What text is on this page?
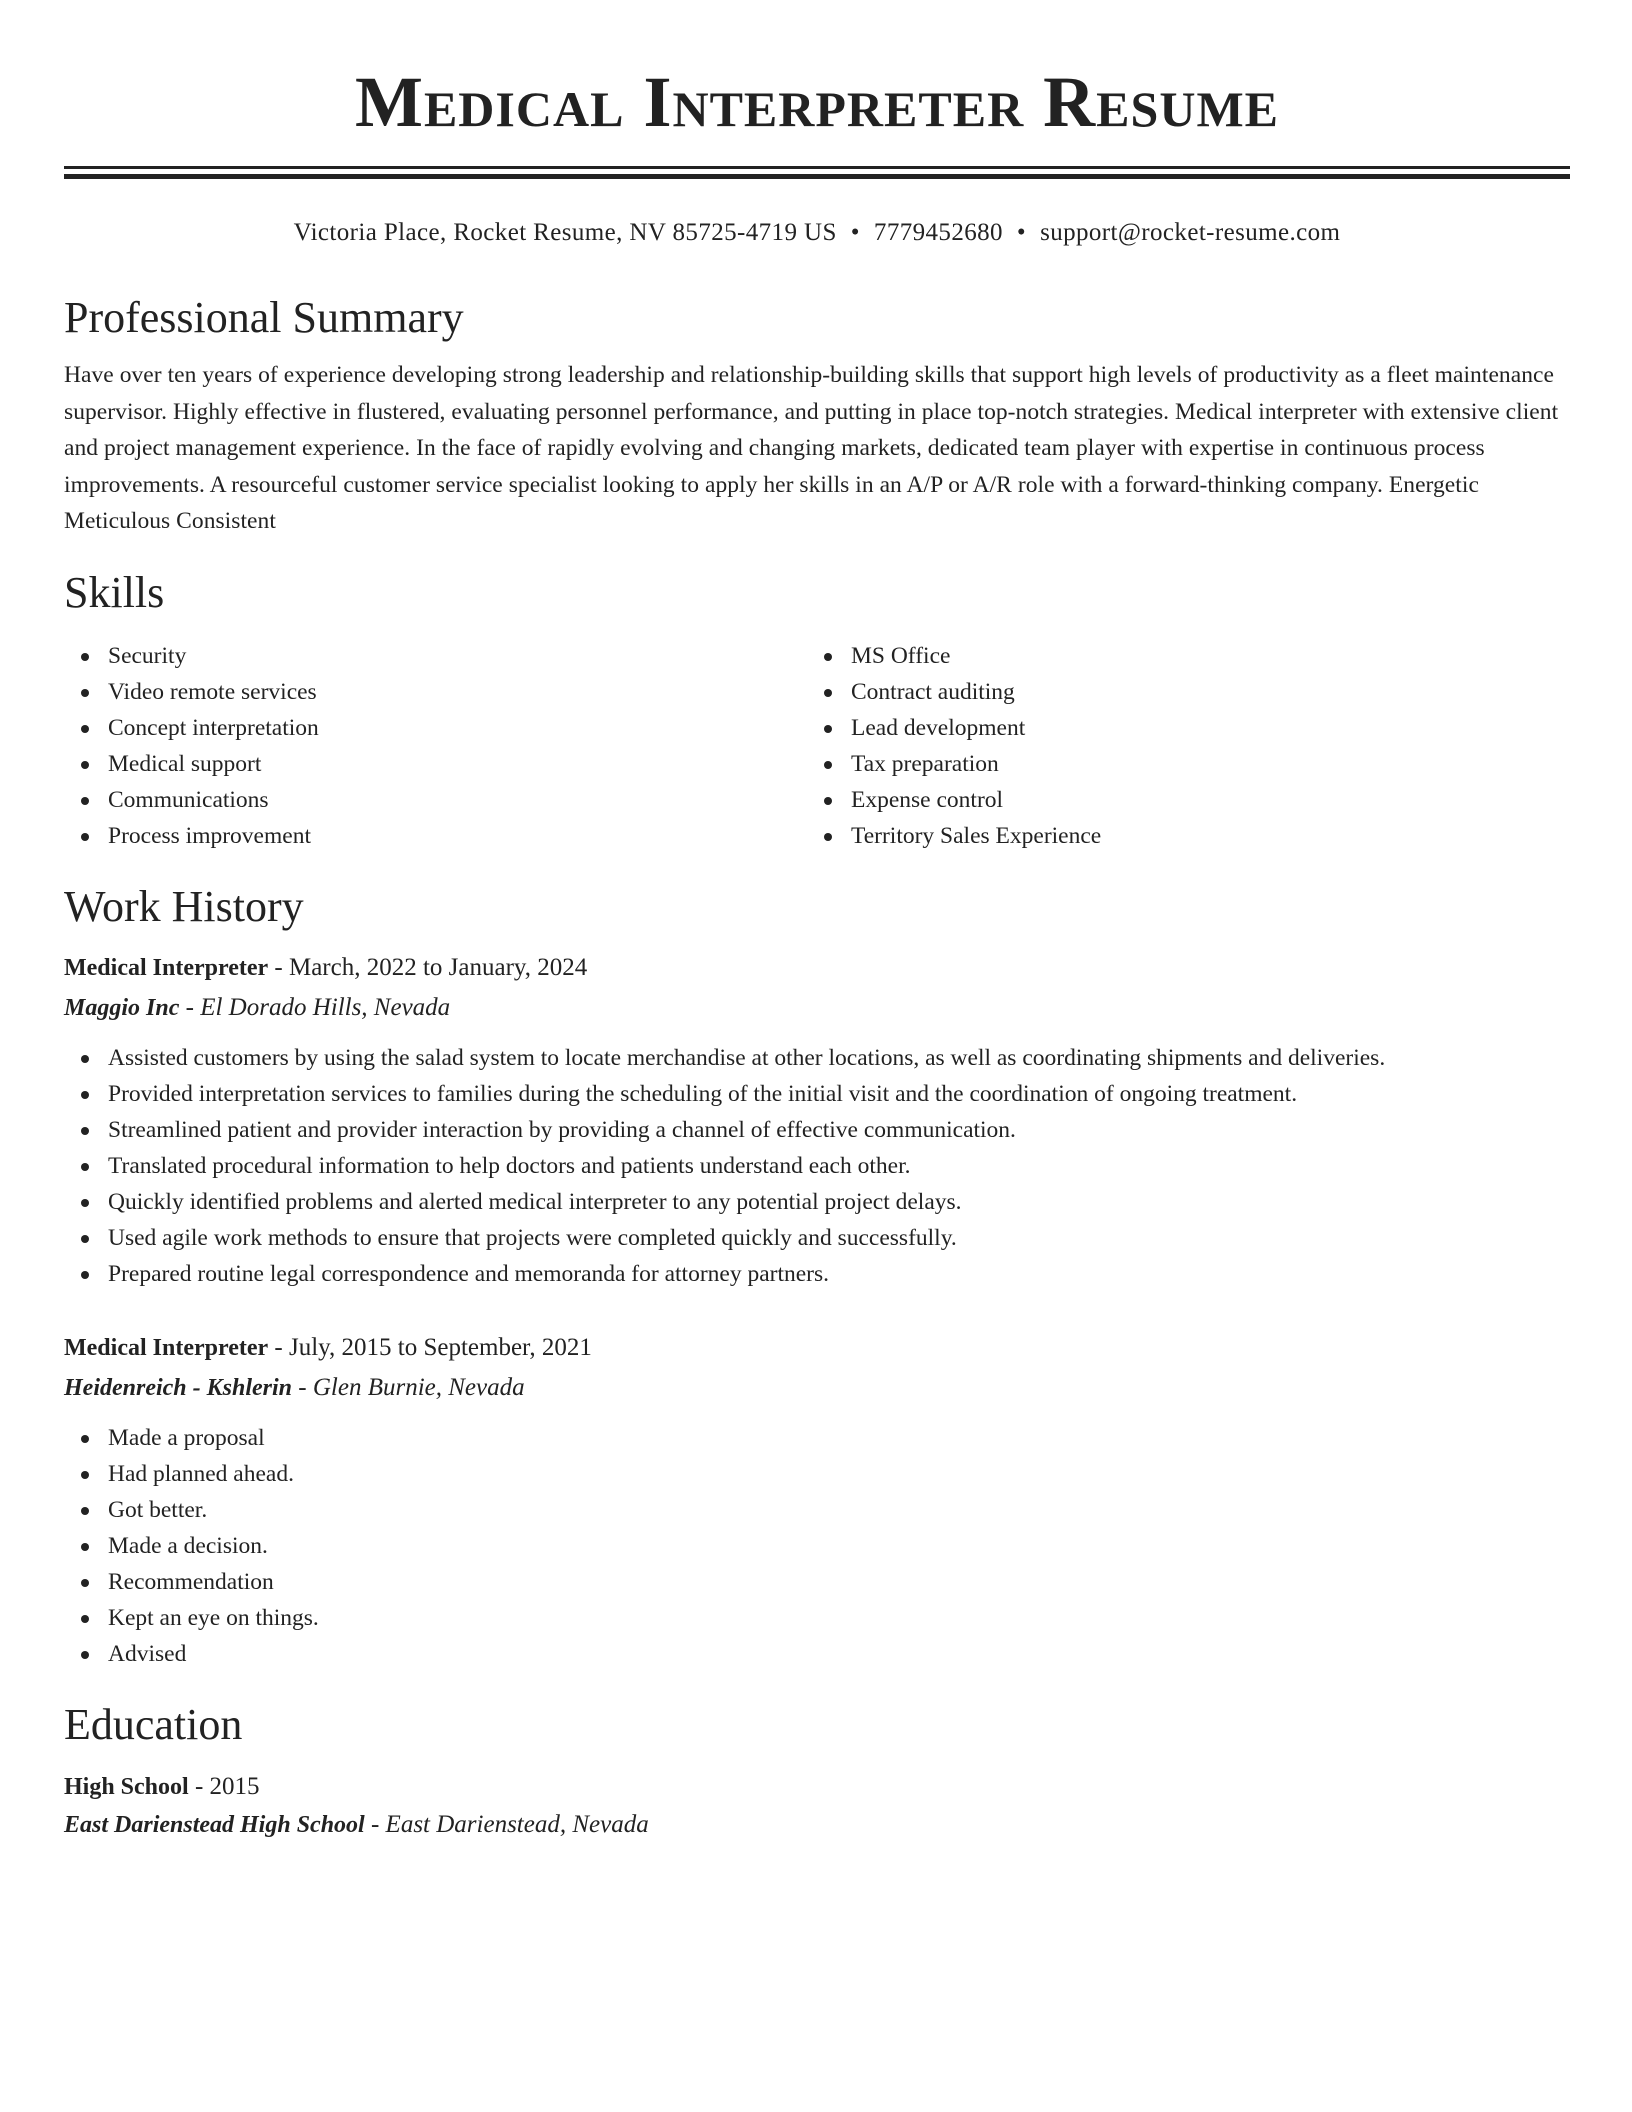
Medical Interpreter Resume
Victoria Place, Rocket Resume, NV 85725-4719 US • 7779452680 • support@rocket-resume.com
Professional Summary

Have over ten years of experience developing strong leadership and relationship-building skills that support high levels of productivity as a fleet maintenance supervisor. Highly effective in flustered, evaluating personnel performance, and putting in place top-notch strategies. Medical interpreter with extensive client and project management experience. In the face of rapidly evolving and changing markets, dedicated team player with expertise in continuous process improvements. A resourceful customer service specialist looking to apply her skills in an A/P or A/R role with a forward-thinking company. Energetic Meticulous Consistent

Skills
Security
Video remote services
Concept interpretation
Medical support
Communications
Process improvement
MS Office
Contract auditing
Lead development
Tax preparation
Expense control
Territory Sales Experience
Work History
Medical Interpreter - March, 2022 to January, 2024
Maggio Inc - El Dorado Hills, Nevada
Assisted customers by using the salad system to locate merchandise at other locations, as well as coordinating shipments and deliveries.
Provided interpretation services to families during the scheduling of the initial visit and the coordination of ongoing treatment.
Streamlined patient and provider interaction by providing a channel of effective communication.
Translated procedural information to help doctors and patients understand each other.
Quickly identified problems and alerted medical interpreter to any potential project delays.
Used agile work methods to ensure that projects were completed quickly and successfully.
Prepared routine legal correspondence and memoranda for attorney partners.
Medical Interpreter - July, 2015 to September, 2021
Heidenreich - Kshlerin - Glen Burnie, Nevada
Made a proposal
Had planned ahead.
Got better.
Made a decision.
Recommendation
Kept an eye on things.
Advised
Education
High School - 2015
East Darienstead High School - East Darienstead, Nevada
